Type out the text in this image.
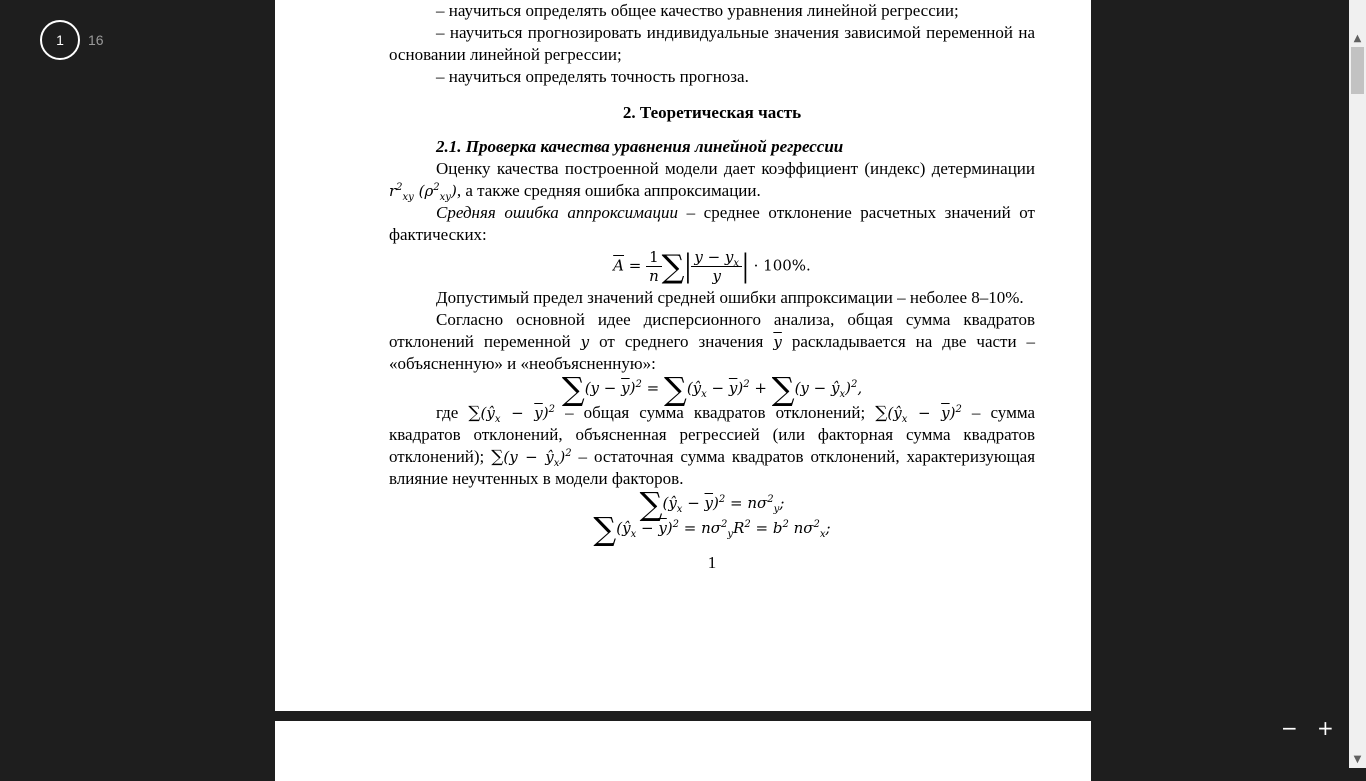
1	16

– научиться определять общее качество уравнения линейной регрессии;

– научиться прогнозировать индивидуальные значения зависимой переменной на основании линейной регрессии;

– научиться определять точность прогноза.

2. Теоретическая часть

2.1. Проверка качества уравнения линейной регрессии

Оценку качества построенной модели дает коэффициент (индекс) детерминации $r^2_{xy}$ $(\rho^2_{xy})$, а также средняя ошибка аппроксимации.

Средняя ошибка аппроксимации – среднее отклонение расчетных значений от фактических:

$\overline{A} = \frac{1}{n}$ ∑| $\frac{y - y_x}{y}$ | · 100%.

Допустимый предел значений средней ошибки аппроксимации – неболее 8–10%.

Согласно основной идее дисперсионного анализа, общая сумма квадратов отклонений переменной y от среднего значения $\overline{y}$ раскладывается на две части – «объясненную» и «необъясненную»:

$\sum(y - \overline{y})^2$ = $\sum(ŷ_x - \overline{y})^2 + \sum(y$ − $ŷ_x)^2$,

где $\sum(ŷ_x - \overline{y})^2$ – общая сумма квадратов отклонений; $\sum(ŷ_x - \overline{y})^2$ – сумма квадратов отклонений, объясненная регрессией (или факторная сумма квадратов отклонений); $\sum(y - ŷ_x)^2$ – остаточная сумма квадратов отклонений, характеризующая влияние неучтенных в модели факторов.

$\sum(ŷ_x - \overline{y})^2 = n\sigma^2_y$;
$\sum(ŷ_x - \overline{y})^2 = n\sigma^2_yR^2 = b^2$ $n\sigma^2_x$;

1

▲
▼
− +
